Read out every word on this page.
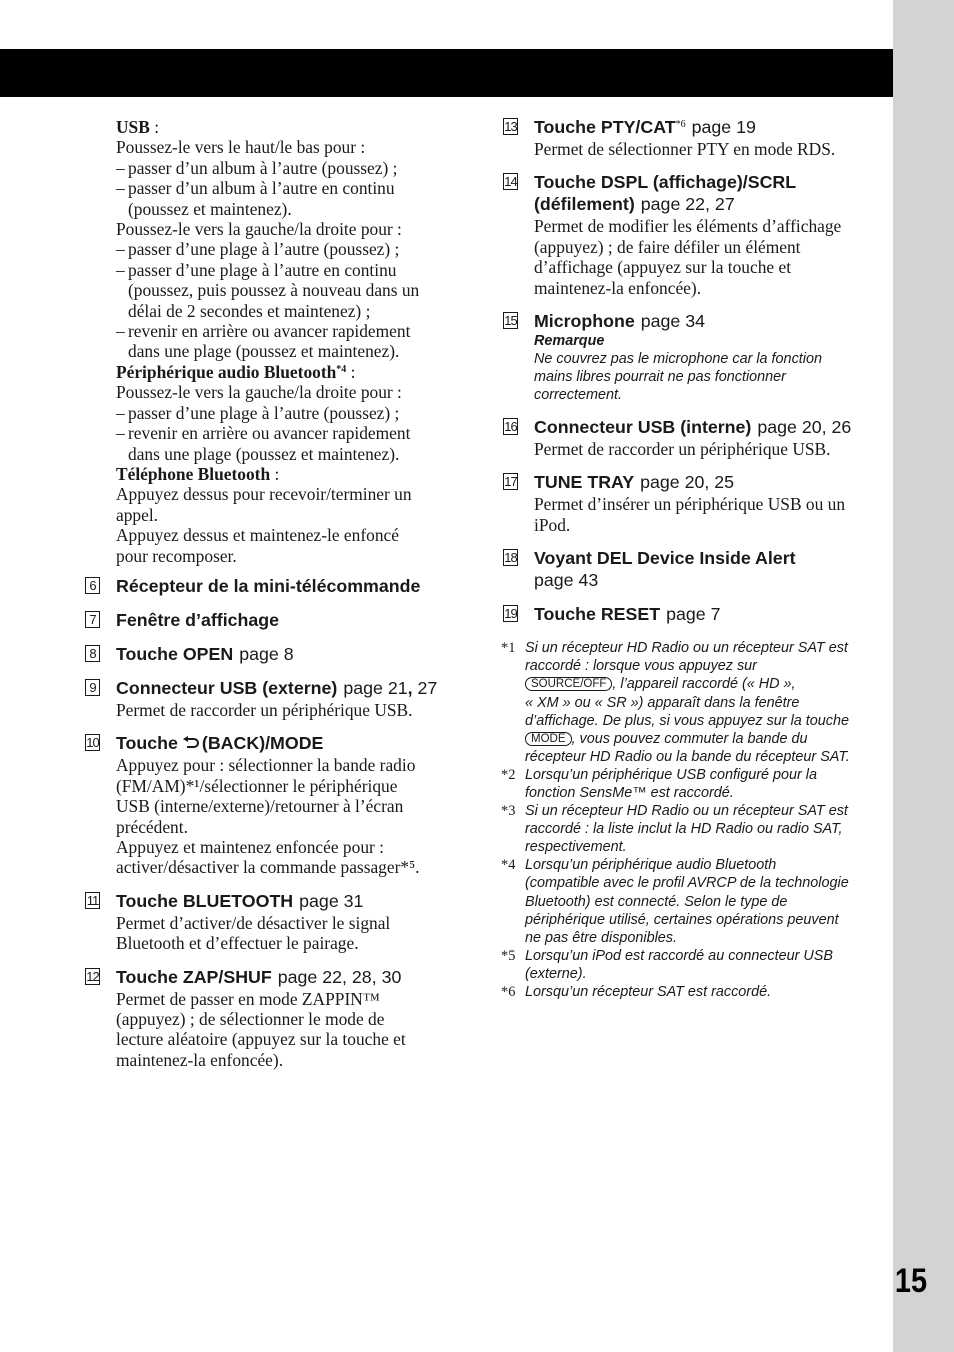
15
USB :
Poussez-le vers le haut/le bas pour :
– passer d’un album à l’autre (poussez) ;
– passer d’un album à l’autre en continu
(poussez et maintenez).
Poussez-le vers la gauche/la droite pour :
– passer d’une plage à l’autre (poussez) ;
– passer d’une plage à l’autre en continu
(poussez, puis poussez à nouveau dans un
délai de 2 secondes et maintenez) ;
– revenir en arrière ou avancer rapidement
dans une plage (poussez et maintenez).
Périphérique audio Bluetooth$^{*4}$ :
Poussez-le vers la gauche/la droite pour :
– passer d’une plage à l’autre (poussez) ;
– revenir en arrière ou avancer rapidement
dans une plage (poussez et maintenez).
Téléphone Bluetooth :
Appuyez dessus pour recevoir/terminer un
appel.
Appuyez dessus et maintenez-le enfoncé
pour recomposer.
6 Récepteur de la mini-télécommande
7 Fenêtre d’affichage
8 Touche OPEN page 8
9 Connecteur USB (externe) page 21, 27
Permet de raccorder un périphérique USB.
10 Touche (BACK)/MODE
Appuyez pour : sélectionner la bande radio
(FM/AM)*¹/sélectionner le périphérique
USB (interne/externe)/retourner à l’écran
précédent.
Appuyez et maintenez enfoncée pour :
activer/désactiver la commande passager*⁵.
11 Touche BLUETOOTH page 31
Permet d’activer/de désactiver le signal
Bluetooth et d’effectuer le pairage.
12 Touche ZAP/SHUF page 22, 28, 30
Permet de passer en mode ZAPPIN™
(appuyez) ; de sélectionner le mode de
lecture aléatoire (appuyez sur la touche et
maintenez-la enfoncée).
13 Touche PTY/CAT$^{*6}$ page 19
Permet de sélectionner PTY en mode RDS.
14 Touche DSPL (affichage)/SCRL
(défilement) page 22, 27
Permet de modifier les éléments d’affichage
(appuyez) ; de faire défiler un élément
d’affichage (appuyez sur la touche et
maintenez-la enfoncée).
15 Microphone page 34
Remarque
Ne couvrez pas le microphone car la fonction
mains libres pourrait ne pas fonctionner
correctement.
16 Connecteur USB (interne) page 20, 26
Permet de raccorder un périphérique USB.
17 TUNE TRAY page 20, 25
Permet d’insérer un périphérique USB ou un
iPod.
18 Voyant DEL Device Inside Alert
page 43
19 Touche RESET page 7
*1 Si un récepteur HD Radio ou un récepteur SAT est
raccordé : lorsque vous appuyez sur
SOURCE/OFF , l’appareil raccordé (« HD »,
« XM » ou « SR ») apparaît dans la fenêtre
d’affichage. De plus, si vous appuyez sur la touche
MODE , vous pouvez commuter la bande du
récepteur HD Radio ou la bande du récepteur SAT.
*2 Lorsqu’un périphérique USB configuré pour la
fonction SensMe™ est raccordé.
*3 Si un récepteur HD Radio ou un récepteur SAT est
raccordé : la liste inclut la HD Radio ou radio SAT,
respectivement.
*4 Lorsqu’un périphérique audio Bluetooth
(compatible avec le profil AVRCP de la technologie
Bluetooth) est connecté. Selon le type de
périphérique utilisé, certaines opérations peuvent
ne pas être disponibles.
*5 Lorsqu’un iPod est raccordé au connecteur USB
(externe).
*6 Lorsqu’un récepteur SAT est raccordé.
